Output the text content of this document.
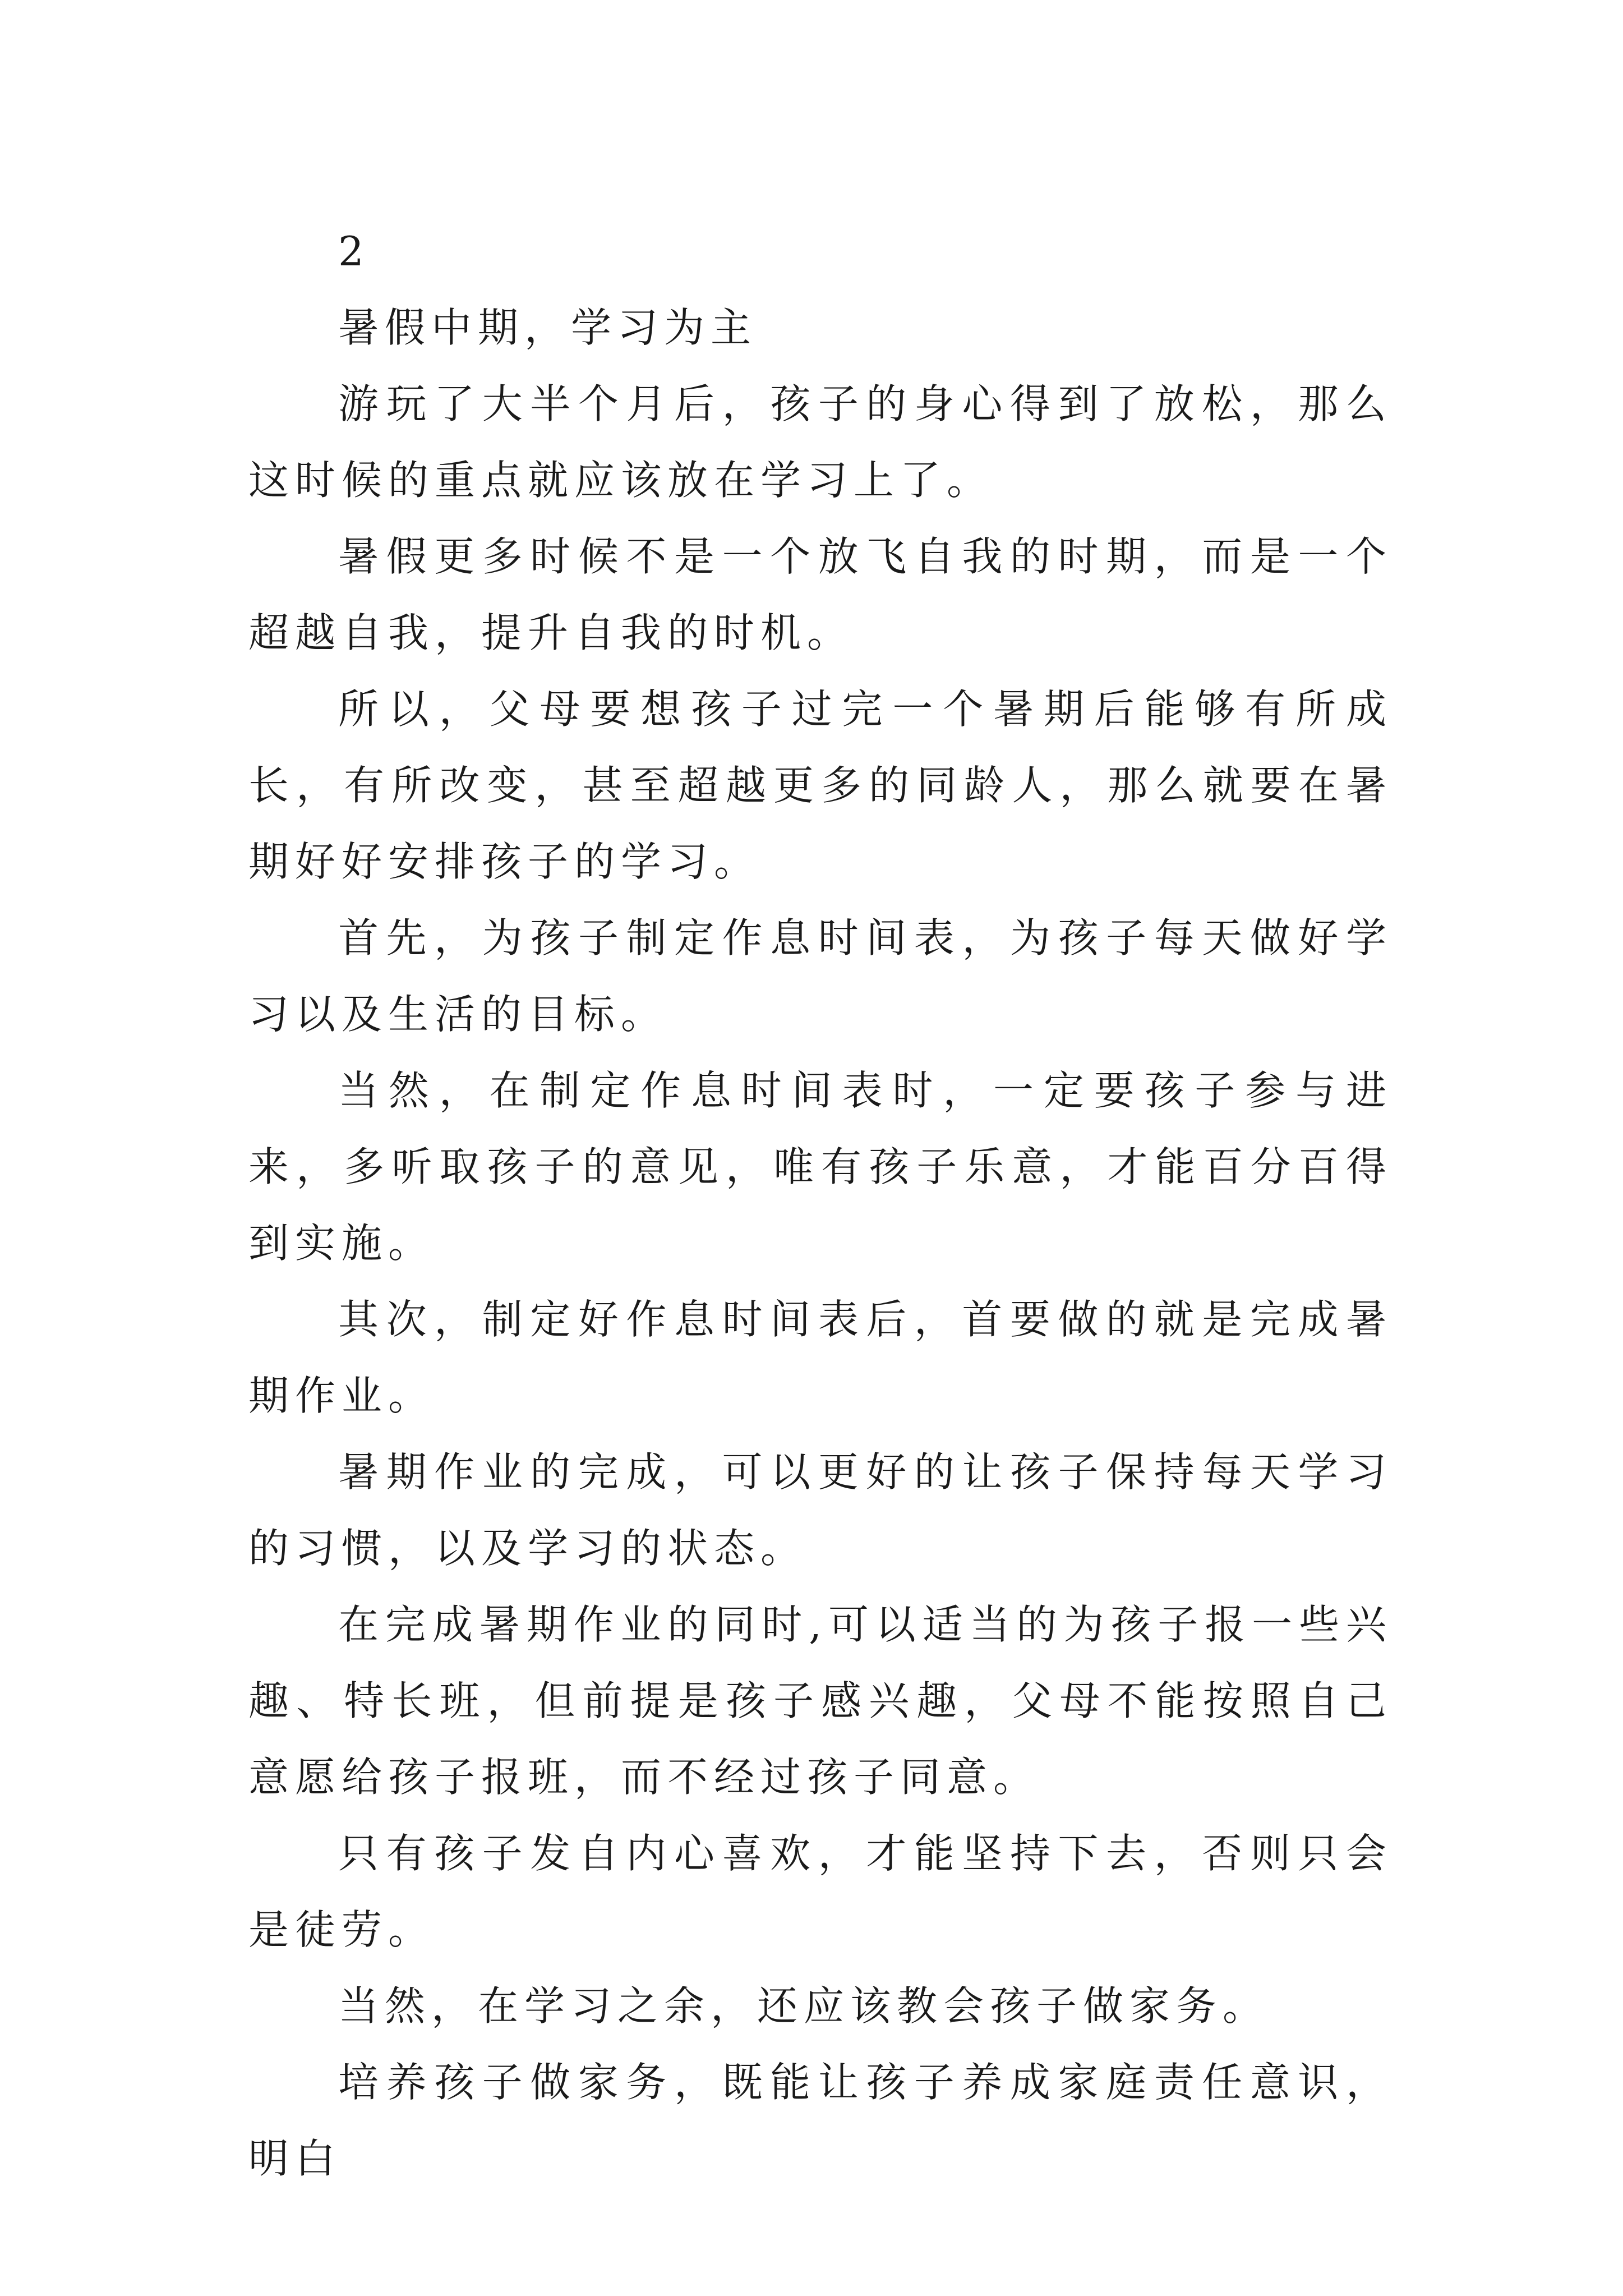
2

暑假中期，学习为主

游玩了大半个月后，孩子的身心得到了放松，那么这时候的重点就应该放在学习上了。

暑假更多时候不是一个放飞自我的时期，而是一个超越自我，提升自我的时机。

所以，父母要想孩子过完一个暑期后能够有所成长，有所改变，甚至超越更多的同龄人，那么就要在暑期好好安排孩子的学习。

首先，为孩子制定作息时间表，为孩子每天做好学习以及生活的目标。

当然，在制定作息时间表时，一定要孩子参与进来，多听取孩子的意见，唯有孩子乐意，才能百分百得到实施。

其次，制定好作息时间表后，首要做的就是完成暑期作业。

暑期作业的完成，可以更好的让孩子保持每天学习的习惯，以及学习的状态。

在完成暑期作业的同时,可以适当的为孩子报一些兴趣、特长班，但前提是孩子感兴趣，父母不能按照自己意愿给孩子报班，而不经过孩子同意。

只有孩子发自内心喜欢，才能坚持下去，否则只会是徒劳。

当然，在学习之余，还应该教会孩子做家务。

培养孩子做家务，既能让孩子养成家庭责任意识，明白
